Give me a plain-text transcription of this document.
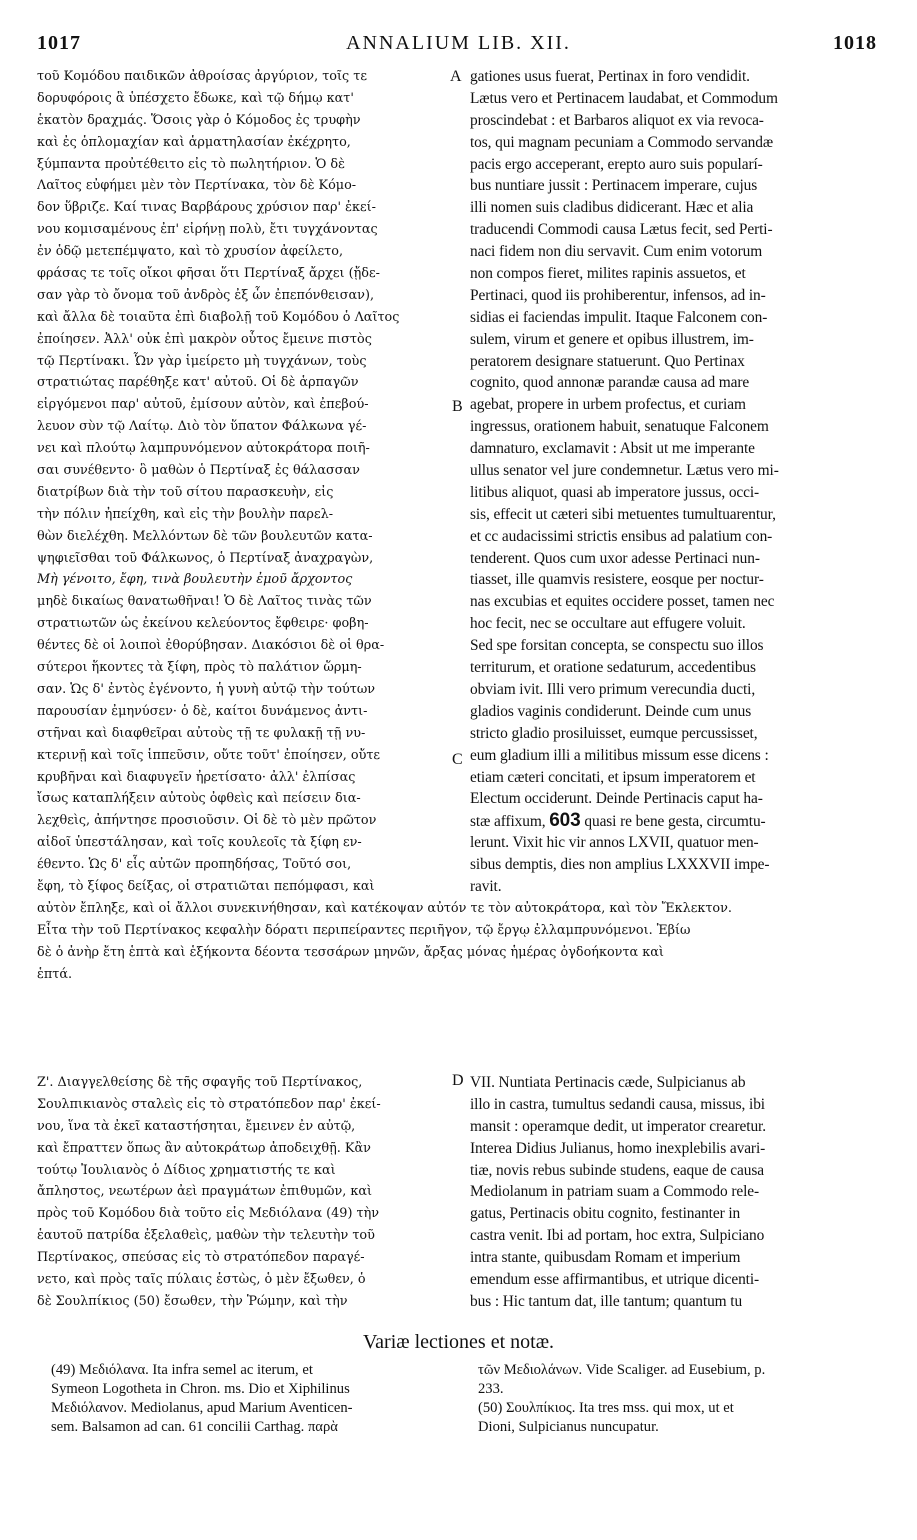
1017	ANNALIUM LIB. XII.	1018
A
B
C
D
τοῦ Κομόδου παιδικῶν ἀθροίσας ἀργύριον, τοῖς τε
δορυφόροις ἃ ὑπέσχετο ἔδωκε, καὶ τῷ δήμῳ κατ'
ἑκατὸν δραχμάς. Ὅσοις γὰρ ὁ Κόμοδος ἐς τρυφὴν
καὶ ἐς ὁπλομαχίαν καὶ ἁρματηλασίαν ἐκέχρητο,
ξύμπαντα προὐτέθειτο εἰς τὸ πωλητήριον. Ὁ δὲ
Λαῖτος εὐφήμει μὲν τὸν Περτίνακα, τὸν δὲ Κόμο-
δον ὕβριζε. Καί τινας Βαρβάρους χρύσιον παρ' ἐκεί-
νου κομισαμένους ἐπ' εἰρήνῃ πολὺ, ἔτι τυγχάνοντας
ἐν ὁδῷ μετεπέμψατο, καὶ τὸ χρυσίον ἀφείλετο,
φράσας τε τοῖς οἴκοι φῆσαι ὅτι Περτίναξ ἄρχει (ᾔδε-
σαν γὰρ τὸ ὄνομα τοῦ ἀνδρὸς ἐξ ὧν ἐπεπόνθεισαν),
καὶ ἄλλα δὲ τοιαῦτα ἐπὶ διαβολῇ τοῦ Κομόδου ὁ Λαῖτος
ἐποίησεν. Ἀλλ' οὐκ ἐπὶ μακρὸν οὗτος ἔμεινε πιστὸς
τῷ Περτίνακι. Ὧν γὰρ ἱμείρετο μὴ τυγχάνων, τοὺς
στρατιώτας παρέθηξε κατ' αὐτοῦ. Οἱ δὲ ἁρπαγῶν
εἰργόμενοι παρ' αὐτοῦ, ἐμίσουν αὐτὸν, καὶ ἐπεβού-
λευον σὺν τῷ Λαίτῳ. Διὸ τὸν ὕπατον Φάλκωνα γέ-
νει καὶ πλούτῳ λαμπρυνόμενον αὐτοκράτορα ποιῆ-
σαι συνέθεντο· ὃ μαθὼν ὁ Περτίναξ ἐς θάλασσαν
διατρίβων διὰ τὴν τοῦ σίτου παρασκευὴν, εἰς
τὴν πόλιν ἠπείχθη, καὶ εἰς τὴν βουλὴν παρελ-
θὼν διελέχθη. Μελλόντων δὲ τῶν βουλευτῶν κατα-
ψηφιεῖσθαι τοῦ Φάλκωνος, ὁ Περτίναξ ἀναχραγὼν,
Μὴ γένοιτο, ἔφη, τινὰ βουλευτὴν ἐμοῦ ἄρχοντος
μηδὲ δικαίως θανατωθῆναι! Ὁ δὲ Λαῖτος τινὰς τῶν
στρατιωτῶν ὡς ἐκείνου κελεύοντος ἔφθειρε· φοβη-
θέντες δὲ οἱ λοιποὶ ἐθορύβησαν. Διακόσιοι δὲ οἱ θρα-
σύτεροι ἥκοντες τὰ ξίφη, πρὸς τὸ παλάτιον ὥρμη-
σαν. Ὡς δ' ἐντὸς ἐγένοντο, ἡ γυνὴ αὐτῷ τὴν τούτων
παρουσίαν ἐμηνύσεν· ὁ δὲ, καίτοι δυνάμενος ἀντι-
στῆναι καὶ διαφθεῖραι αὐτοὺς τῇ τε φυλακῇ τῇ νυ-
κτερινῇ καὶ τοῖς ἱππεῦσιν, οὔτε τοῦτ' ἐποίησεν, οὔτε
κρυβῆναι καὶ διαφυγεῖν ἠρετίσατο· ἀλλ' ἐλπίσας
ἴσως καταπλήξειν αὐτοὺς ὀφθεὶς καὶ πείσειν δια-
λεχθεὶς, ἀπήντησε προσιοῦσιν. Οἱ δὲ τὸ μὲν πρῶτον
αἰδοῖ ὑπεστάλησαν, καὶ τοῖς κουλεοῖς τὰ ξίφη εν-
έθεντο. Ὡς δ' εἷς αὐτῶν προπηδήσας, Τοῦτό σοι,
ἔφη, τὸ ξίφος δείξας, οἱ στρατιῶται πεπόμφασι, καὶ
gationes usus fuerat, Pertinax in foro vendidit.
Lætus vero et Pertinacem laudabat, et Commodum
proscindebat : et Barbaros aliquot ex via revoca-
tos, qui magnam pecuniam a Commodo servandæ
pacis ergo acceperant, erepto auro suis popularí-
bus nuntiare jussit : Pertinacem imperare, cujus
illi nomen suis cladibus didicerant. Hæc et alia
traducendi Commodi causa Lætus fecit, sed Perti-
naci fidem non diu servavit. Cum enim votorum
non compos fieret, milites rapinis assuetos, et
Pertinaci, quod iis prohiberentur, infensos, ad in-
sidias ei faciendas impulit. Itaque Falconem con-
sulem, virum et genere et opibus illustrem, im-
peratorem designare statuerunt. Quo Pertinax
cognito, quod annonæ parandæ causa ad mare
agebat, propere in urbem profectus, et curiam
ingressus, orationem habuit, senatuque Falconem
damnaturo, exclamavit : Absit ut me imperante
ullus senator vel jure condemnetur. Lætus vero mi-
litibus aliquot, quasi ab imperatore jussus, occi-
sis, effecit ut cæteri sibi metuentes tumultuarentur,
et cc audacissimi strictis ensibus ad palatium con-
tenderent. Quos cum uxor adesse Pertinaci nun-
tiasset, ille quamvis resistere, eosque per noctur-
nas excubias et equites occidere posset, tamen nec
hoc fecit, nec se occultare aut effugere voluit.
Sed spe forsitan concepta, se conspectu suo illos
territurum, et oratione sedaturum, accedentibus
obviam ivit. Illi vero primum verecundia ducti,
gladios vaginis condiderunt. Deinde cum unus
stricto gladio prosiluisset, eumque percussisset,
eum gladium illi a militibus missum esse dicens :
etiam cæteri concitati, et ipsum imperatorem et
Electum occiderunt. Deinde Pertinacis caput ha-
stæ affixum, 603 quasi re bene gesta, circumtu-
lerunt. Vixit hic vir annos LXVII, quatuor men-
sibus demptis, dies non amplius LXXXVII impe-
ravit.
αὐτὸν ἔπληξε, καὶ οἱ ἄλλοι συνεκινήθησαν, καὶ κατέκοψαν αὐτόν τε τὸν αὐτοκράτορα, καὶ τὸν Ἔκλεκτον.
Εἶτα τὴν τοῦ Περτίνακος κεφαλὴν δόρατι περιπείραντες περιῆγον, τῷ ἔργῳ ἐλλαμπρυνόμενοι. Ἐβίω
δὲ ὁ ἀνὴρ ἔτη ἑπτὰ καὶ ἑξήκοντα δέοντα τεσσάρων μηνῶν, ἄρξας μόνας ἡμέρας ὀγδοήκοντα καὶ
ἑπτά.
Ζ'. Διαγγελθείσης δὲ τῆς σφαγῆς τοῦ Περτίνακος,
Σουλπικιανὸς σταλεὶς εἰς τὸ στρατόπεδον παρ' ἐκεί-
νου, ἵνα τὰ ἐκεῖ καταστήσηται, ἔμεινεν ἐν αὐτῷ,
καὶ ἔπραττεν ὅπως ἂν αὐτοκράτωρ ἀποδειχθῇ. Κἂν
τούτῳ Ἰουλιανὸς ὁ Δίδιος χρηματιστής τε καὶ
ἄπληστος, νεωτέρων ἀεὶ πραγμάτων ἐπιθυμῶν, καὶ
πρὸς τοῦ Κομόδου διὰ τοῦτο εἰς Μεδιόλανα (49) τὴν
ἑαυτοῦ πατρίδα ἐξελαθεὶς, μαθὼν τὴν τελευτὴν τοῦ
Περτίνακος, σπεύσας εἰς τὸ στρατόπεδον παραγέ-
νετο, καὶ πρὸς ταῖς πύλαις ἑστὼς, ὁ μὲν ἔξωθεν, ὁ
δὲ Σουλπίκιος (50) ἔσωθεν, τὴν Ῥώμην, καὶ τὴν
VII. Nuntiata Pertinacis cæde, Sulpicianus ab
illo in castra, tumultus sedandi causa, missus, ibi
mansit : operamque dedit, ut imperator crearetur.
Interea Didius Julianus, homo inexplebilis avari-
tiæ, novis rebus subinde studens, eaque de causa
Mediolanum in patriam suam a Commodo rele-
gatus, Pertinacis obitu cognito, festinanter in
castra venit. Ibi ad portam, hoc extra, Sulpiciano
intra stante, quibusdam Romam et imperium
emendum esse affirmantibus, et utrique dicenti-
bus : Hic tantum dat, ille tantum; quantum tu
Variæ lectiones et notæ.
(49) Μεδιόλανα. Ita infra semel ac iterum, et
Symeon Logotheta in Chron. ms. Dio et Xiphilinus
Μεδιόλανον. Mediolanus, apud Marium Aventicen-
sem. Balsamon ad can. 61 concilii Carthag. παρὰ
τῶν Μεδιολάνων. Vide Scaliger. ad Eusebium, p.
233.
(50) Σουλπίκιος. Ita tres mss. qui mox, ut et
Dioni, Sulpicianus nuncupatur.
